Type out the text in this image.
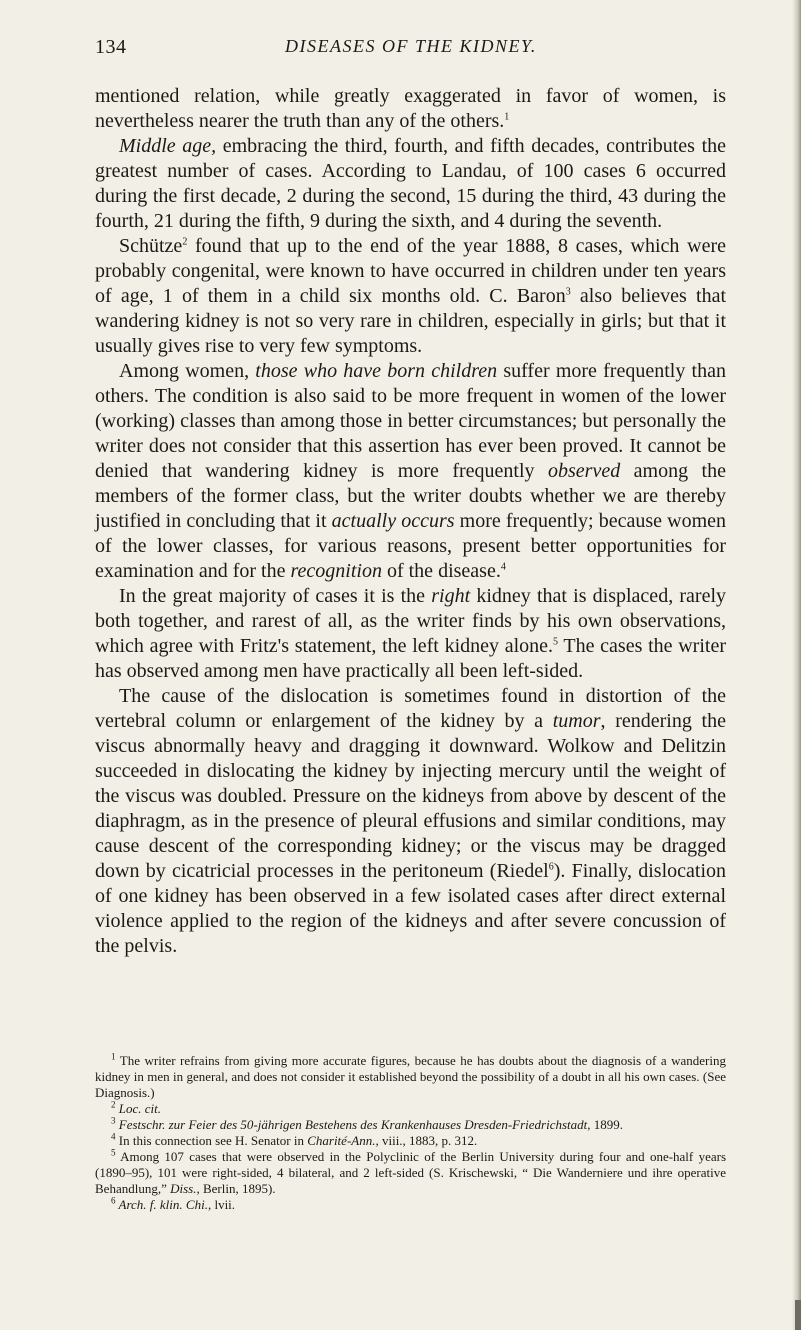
134	DISEASES OF THE KIDNEY.

mentioned relation, while greatly exaggerated in favor of women, is nevertheless nearer the truth than any of the others.$^1$

Middle age, embracing the third, fourth, and fifth decades, contributes the greatest number of cases. According to Landau, of 100 cases 6 occurred during the first decade, 2 during the second, 15 during the third, 43 during the fourth, 21 during the fifth, 9 during the sixth, and 4 during the seventh.

Schütze$^2$ found that up to the end of the year 1888, 8 cases, which were probably congenital, were known to have occurred in children under ten years of age, 1 of them in a child six months old. C. Baron$^3$ also believes that wandering kidney is not so very rare in children, especially in girls; but that it usually gives rise to very few symptoms.

Among women, those who have born children suffer more frequently than others. The condition is also said to be more frequent in women of the lower (working) classes than among those in better circumstances; but personally the writer does not consider that this assertion has ever been proved. It cannot be denied that wandering kidney is more frequently observed among the members of the former class, but the writer doubts whether we are thereby justified in concluding that it actually occurs more frequently; because women of the lower classes, for various reasons, present better opportunities for examination and for the recognition of the disease.$^4$

In the great majority of cases it is the right kidney that is displaced, rarely both together, and rarest of all, as the writer finds by his own observations, which agree with Fritz's statement, the left kidney alone.$^5$ The cases the writer has observed among men have practically all been left-sided.

The cause of the dislocation is sometimes found in distortion of the vertebral column or enlargement of the kidney by a tumor, rendering the viscus abnormally heavy and dragging it downward. Wolkow and Delitzin succeeded in dislocating the kidney by injecting mercury until the weight of the viscus was doubled. Pressure on the kidneys from above by descent of the diaphragm, as in the presence of pleural effusions and similar conditions, may cause descent of the corresponding kidney; or the viscus may be dragged down by cicatricial processes in the peritoneum (Riedel$^6$). Finally, dislocation of one kidney has been observed in a few isolated cases after direct external violence applied to the region of the kidneys and after severe concussion of the pelvis.

$^1$ The writer refrains from giving more accurate figures, because he has doubts about the diagnosis of a wandering kidney in men in general, and does not consider it established beyond the possibility of a doubt in all his own cases. (See Diagnosis.)

$^2$ Loc. cit.

$^3$ Festschr. zur Feier des 50-jährigen Bestehens des Krankenhauses Dresden-Friedrichstadt, 1899.

$^4$ In this connection see H. Senator in Charité-Ann., viii., 1883, p. 312.

$^5$ Among 107 cases that were observed in the Polyclinic of the Berlin University during four and one-half years (1890–95), 101 were right-sided, 4 bilateral, and 2 left-sided (S. Krischewski, “ Die Wanderniere und ihre operative Behandlung,” Diss., Berlin, 1895).

$^6$ Arch. f. klin. Chi., lvii.
